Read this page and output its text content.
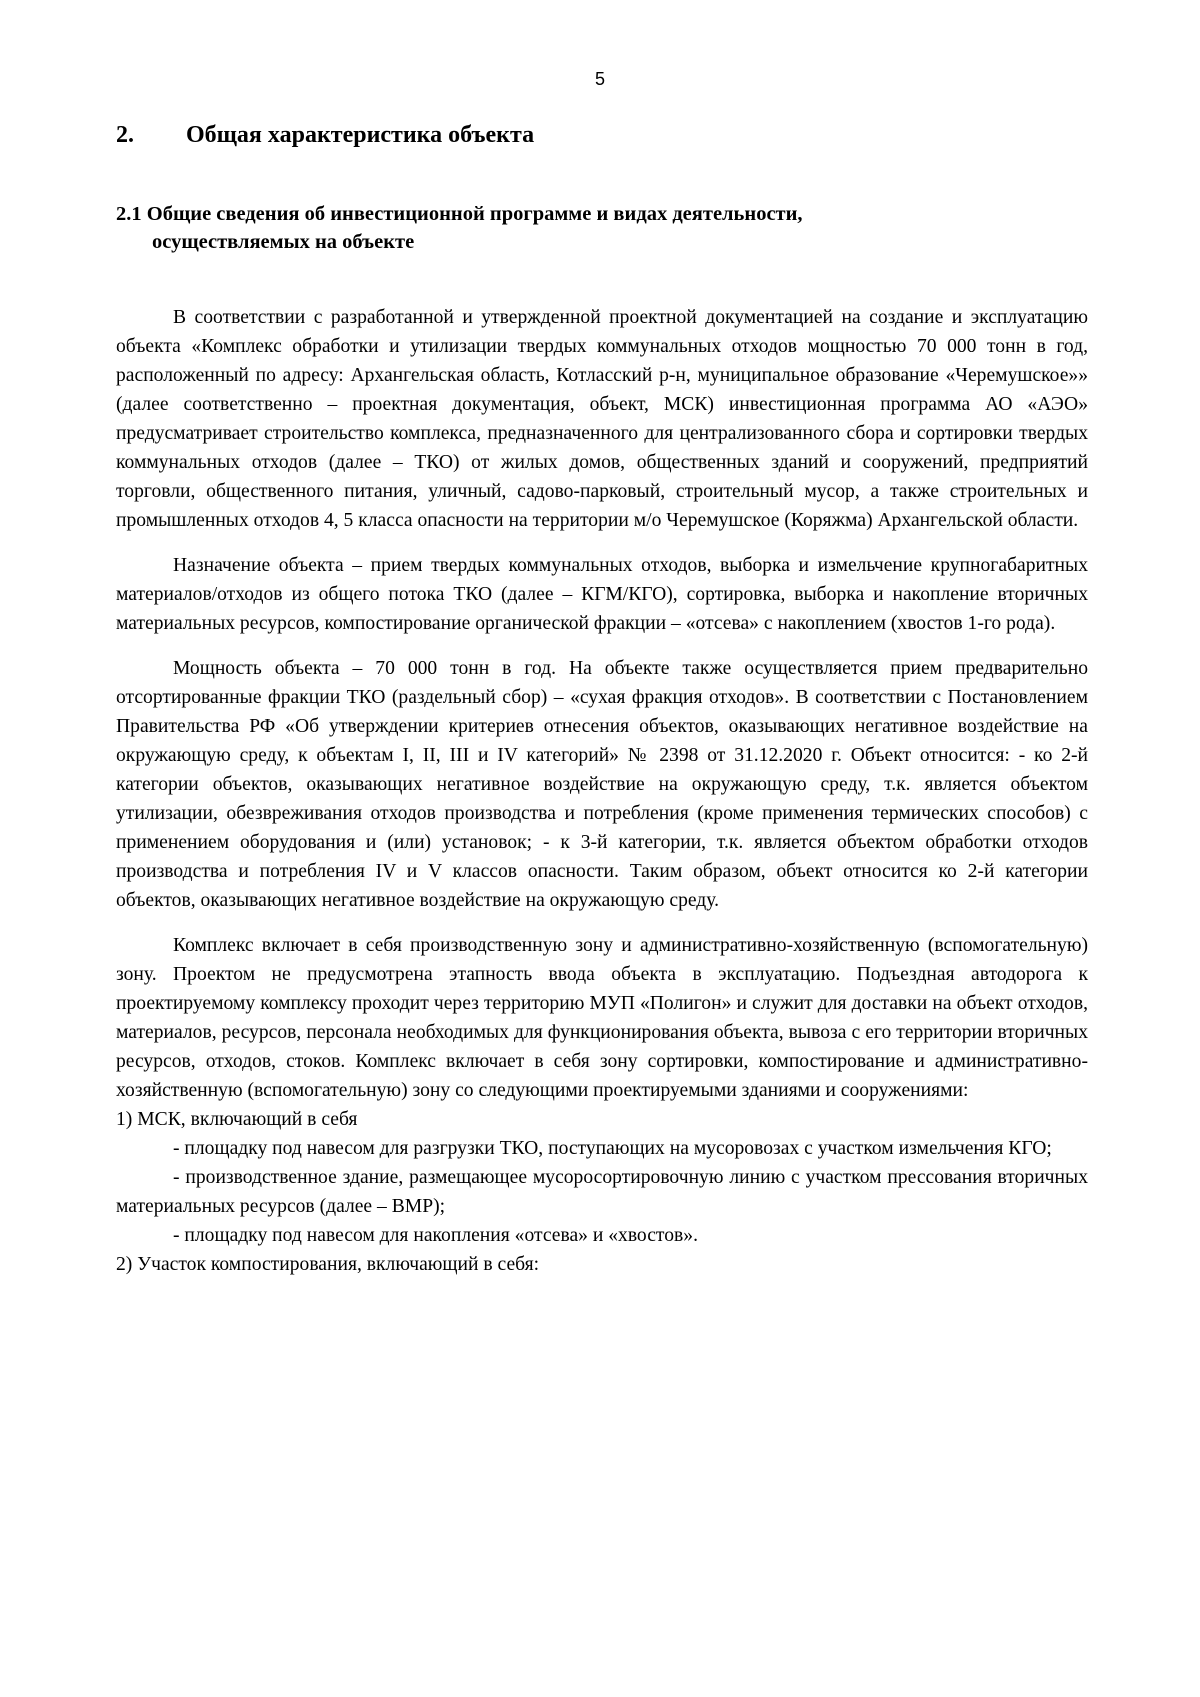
5
2. Общая характеристика объекта
2.1 Общие сведения об инвестиционной программе и видах деятельности,
осуществляемых на объекте

В соответствии с разработанной и утвержденной проектной документацией на создание и эксплуатацию объекта «Комплекс обработки и утилизации твердых коммунальных отходов мощностью 70 000 тонн в год, расположенный по адресу: Архангельская область, Котласский р-н, муниципальное образование «Черемушское»» (далее соответственно – проектная документация, объект, МСК) инвестиционная программа АО «АЭО» предусматривает строительство комплекса, предназначенного для централизованного сбора и сортировки твердых коммунальных отходов (далее – ТКО) от жилых домов, общественных зданий и сооружений, предприятий торговли, общественного питания, уличный, садово-парковый, строительный мусор, а также строительных и промышленных отходов 4, 5 класса опасности на территории м/о Черемушское (Коряжма) Архангельской области.

Назначение объекта – прием твердых коммунальных отходов, выборка и измельчение крупногабаритных материалов/отходов из общего потока ТКО (далее – КГМ/КГО), сортировка, выборка и накопление вторичных материальных ресурсов, компостирование органической фракции – «отсева» с накоплением (хвостов 1-го рода).

Мощность объекта – 70 000 тонн в год. На объекте также осуществляется прием предварительно отсортированные фракции ТКО (раздельный сбор) – «сухая фракция отходов». В соответствии с Постановлением Правительства РФ «Об утверждении критериев отнесения объектов, оказывающих негативное воздействие на окружающую среду, к объектам I, II, III и IV категорий» № 2398 от 31.12.2020 г. Объект относится: - ко 2-й категории объектов, оказывающих негативное воздействие на окружающую среду, т.к. является объектом утилизации, обезвреживания отходов производства и потребления (кроме применения термических способов) с применением оборудования и (или) установок; - к 3-й категории, т.к. является объектом обработки отходов производства и потребления IV и V классов опасности. Таким образом, объект относится ко 2-й категории объектов, оказывающих негативное воздействие на окружающую среду.

Комплекс включает в себя производственную зону и административно-хозяйственную (вспомогательную) зону. Проектом не предусмотрена этапность ввода объекта в эксплуатацию. Подъездная автодорога к проектируемому комплексу проходит через территорию МУП «Полигон» и служит для доставки на объект отходов, материалов, ресурсов, персонала необходимых для функционирования объекта, вывоза с его территории вторичных ресурсов, отходов, стоков. Комплекс включает в себя зону сортировки, компостирование и административно-хозяйственную (вспомогательную) зону со следующими проектируемыми зданиями и сооружениями:

1) МСК, включающий в себя

- площадку под навесом для разгрузки ТКО, поступающих на мусоровозах с участком измельчения КГО;

- производственное здание, размещающее мусоросортировочную линию с участком прессования вторичных материальных ресурсов (далее – ВМР);

- площадку под навесом для накопления «отсева» и «хвостов».

2) Участок компостирования, включающий в себя:
